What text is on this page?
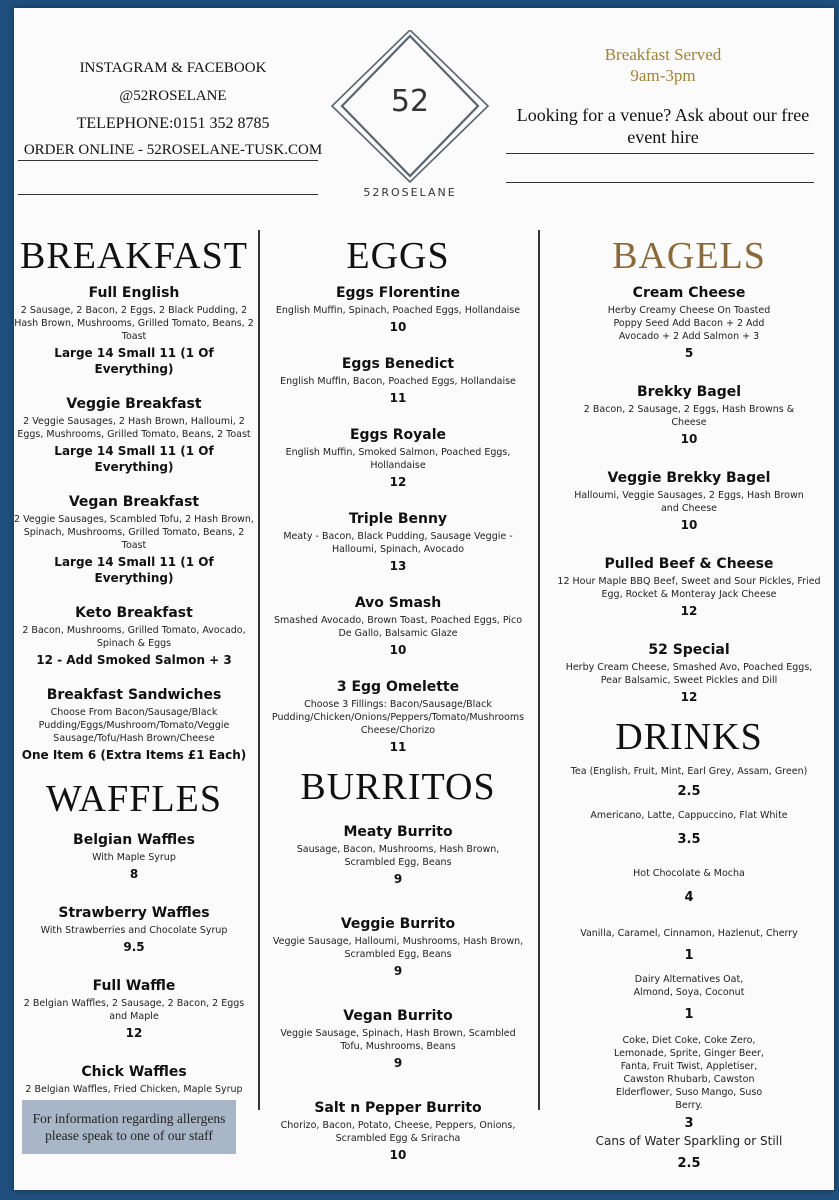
INSTAGRAM & FACEBOOK
@52ROSELANE
TELEPHONE:0151 352 8785
ORDER ONLINE - 52ROSELANE-TUSK.COM
52
52ROSELANE
Breakfast Served
9am-3pm
Looking for a venue? Ask about our free event hire
BREAKFAST
Full English
2 Sausage, 2 Bacon, 2 Eggs, 2 Black Pudding, 2 Hash Brown, Mushrooms, Grilled Tomato, Beans, 2 Toast
Large 14 Small 11 (1 Of Everything)
Veggie Breakfast
2 Veggie Sausages, 2 Hash Brown, Halloumi, 2 Eggs, Mushrooms, Grilled Tomato, Beans, 2 Toast
Large 14 Small 11 (1 Of Everything)
Vegan Breakfast
2 Veggie Sausages, Scambled Tofu, 2 Hash Brown, Spinach, Mushrooms, Grilled Tomato, Beans, 2 Toast
Large 14 Small 11 (1 Of Everything)
Keto Breakfast
2 Bacon, Mushrooms, Grilled Tomato, Avocado, Spinach & Eggs
12 - Add Smoked Salmon + 3
Breakfast Sandwiches
Choose From Bacon/Sausage/Black Pudding/Eggs/Mushroom/Tomato/Veggie Sausage/Tofu/Hash Brown/Cheese
One Item 6 (Extra Items £1 Each)
WAFFLES
Belgian Waffles
With Maple Syrup
8
Strawberry Waffles
With Strawberries and Chocolate Syrup
9.5
Full Waffle
2 Belgian Waffles, 2 Sausage, 2 Bacon, 2 Eggs and Maple
12
Chick Waffles
2 Belgian Waffles, Fried Chicken, Maple Syrup
For information regarding allergens please speak to one of our staff
EGGS
Eggs Florentine
English Muffin, Spinach, Poached Eggs, Hollandaise
10
Eggs Benedict
English Muffin, Bacon, Poached Eggs, Hollandaise
11
Eggs Royale
English Muffin, Smoked Salmon, Poached Eggs, Hollandaise
12
Triple Benny
Meaty - Bacon, Black Pudding, Sausage Veggie - Halloumi, Spinach, Avocado
13
Avo Smash
Smashed Avocado, Brown Toast, Poached Eggs, Pico De Gallo, Balsamic Glaze
10
3 Egg Omelette
Choose 3 Fillings: Bacon/Sausage/Black Pudding/Chicken/Onions/Peppers/Tomato/Mushrooms Cheese/Chorizo
11
BURRITOS
Meaty Burrito
Sausage, Bacon, Mushrooms, Hash Brown, Scrambled Egg, Beans
9
Veggie Burrito
Veggie Sausage, Halloumi, Mushrooms, Hash Brown, Scrambled Egg, Beans
9
Vegan Burrito
Veggie Sausage, Spinach, Hash Brown, Scambled Tofu, Mushrooms, Beans
9
Salt n Pepper Burrito
Chorizo, Bacon, Potato, Cheese, Peppers, Onions, Scrambled Egg & Sriracha
10
BAGELS
Cream Cheese
Herby Creamy Cheese On Toasted Poppy Seed Add Bacon + 2 Add Avocado + 2 Add Salmon + 3
5
Brekky Bagel
2 Bacon, 2 Sausage, 2 Eggs, Hash Browns & Cheese
10
Veggie Brekky Bagel
Halloumi, Veggie Sausages, 2 Eggs, Hash Brown and Cheese
10
Pulled Beef & Cheese
12 Hour Maple BBQ Beef, Sweet and Sour Pickles, Fried Egg, Rocket & Monteray Jack Cheese
12
52 Special
Herby Cream Cheese, Smashed Avo, Poached Eggs, Pear Balsamic, Sweet Pickles and Dill
12
DRINKS
Tea (English, Fruit, Mint, Earl Grey, Assam, Green)
2.5
Americano, Latte, Cappuccino, Flat White
3.5
Hot Chocolate & Mocha
4
Vanilla, Caramel, Cinnamon, Hazlenut, Cherry
1
Dairy Alternatives Oat, Almond, Soya, Coconut
1
Coke, Diet Coke, Coke Zero, Lemonade, Sprite, Ginger Beer, Fanta, Fruit Twist, Appletiser, Cawston Rhubarb, Cawston Elderflower, Suso Mango, Suso Berry.
3
Cans of Water Sparkling or Still
2.5
